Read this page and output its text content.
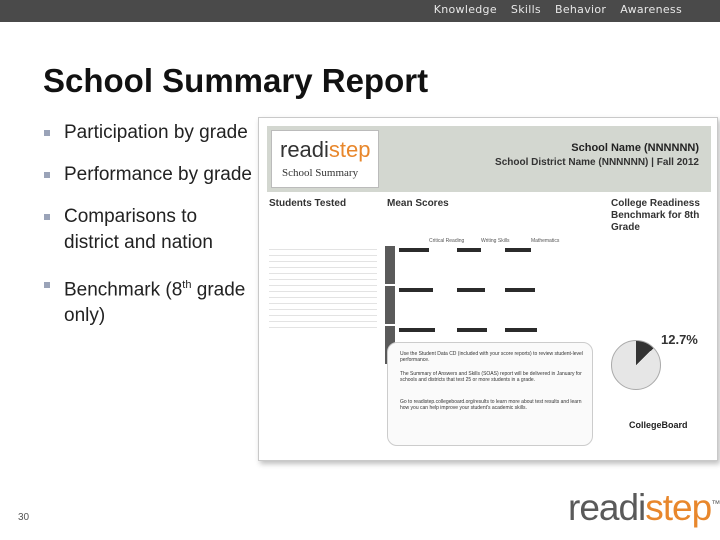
Knowledge Skills Behavior Awareness
School Summary Report
Participation by grade
Performance by grade
Comparisons to district and nation
Benchmark (8th grade only)
readistep
School Summary
School Name (NNNNNN)
School District Name (NNNNNN) | Fall 2012
Students Tested	Mean Scores	College Readiness Benchmark for 8th Grade
Critical Reading	Writing Skills	Mathematics
12.7%
Use the Student Data CD (included with your score reports) to review student-level performance.
The Summary of Answers and Skills (SOAS) report will be delivered in January for schools and districts that test 25 or more students in a grade.
Go to readistep.collegeboard.org/results to learn more about test results and learn how you can help improve your student's academic skills.
CollegeBoard
30	readistep™
